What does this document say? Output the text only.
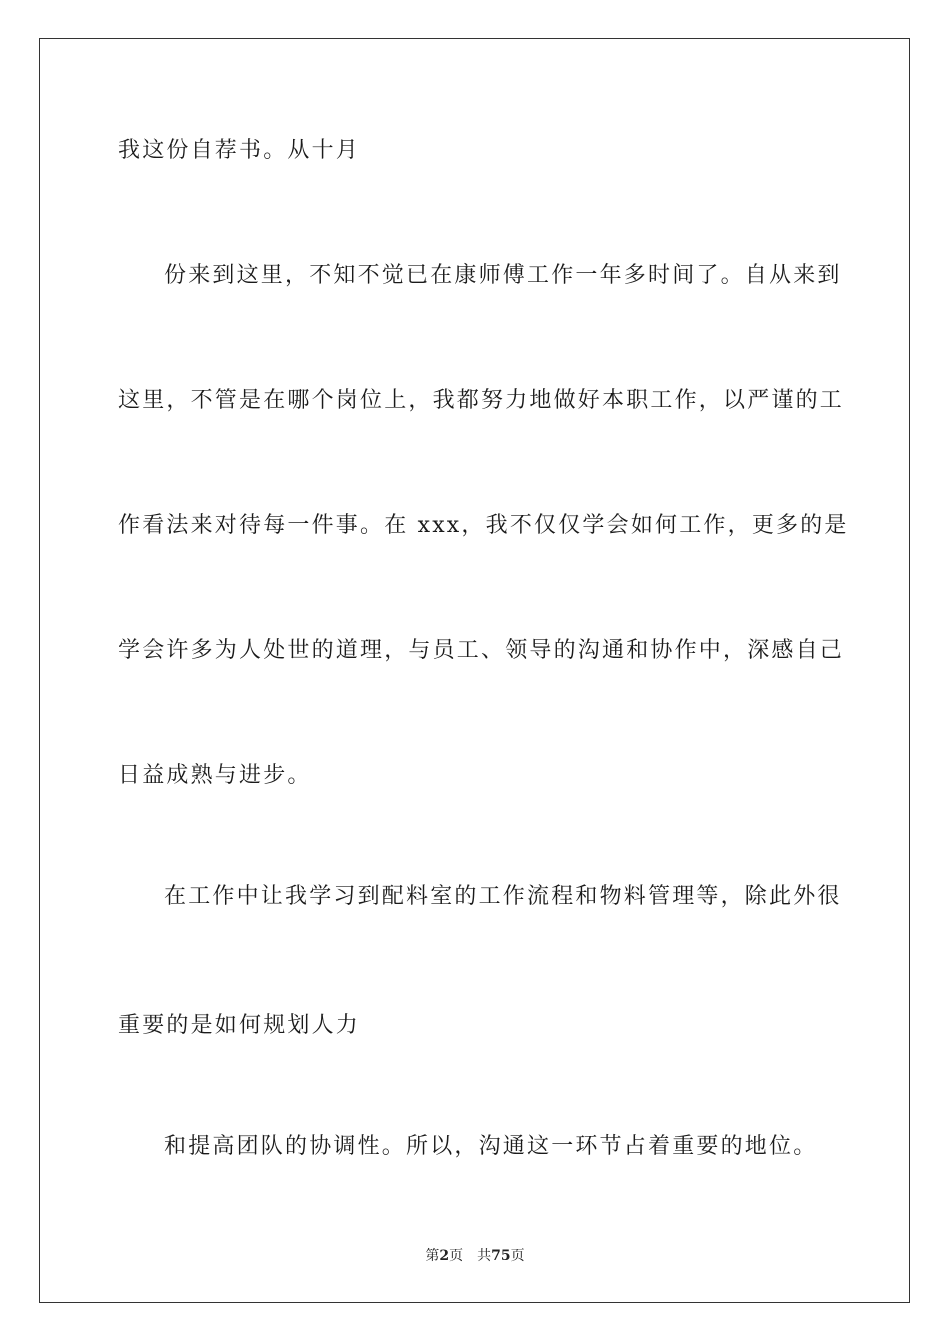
我这份自荐书。从十月
份来到这里，不知不觉已在康师傅工作一年多时间了。自从来到
这里，不管是在哪个岗位上，我都努力地做好本职工作，以严谨的工
作看法来对待每一件事。在 xxx，我不仅仅学会如何工作，更多的是
学会许多为人处世的道理，与员工、领导的沟通和协作中，深感自己
日益成熟与进步。
在工作中让我学习到配料室的工作流程和物料管理等，除此外很
重要的是如何规划人力
和提高团队的协调性。所以，沟通这一环节占着重要的地位。
第2页 共75页
